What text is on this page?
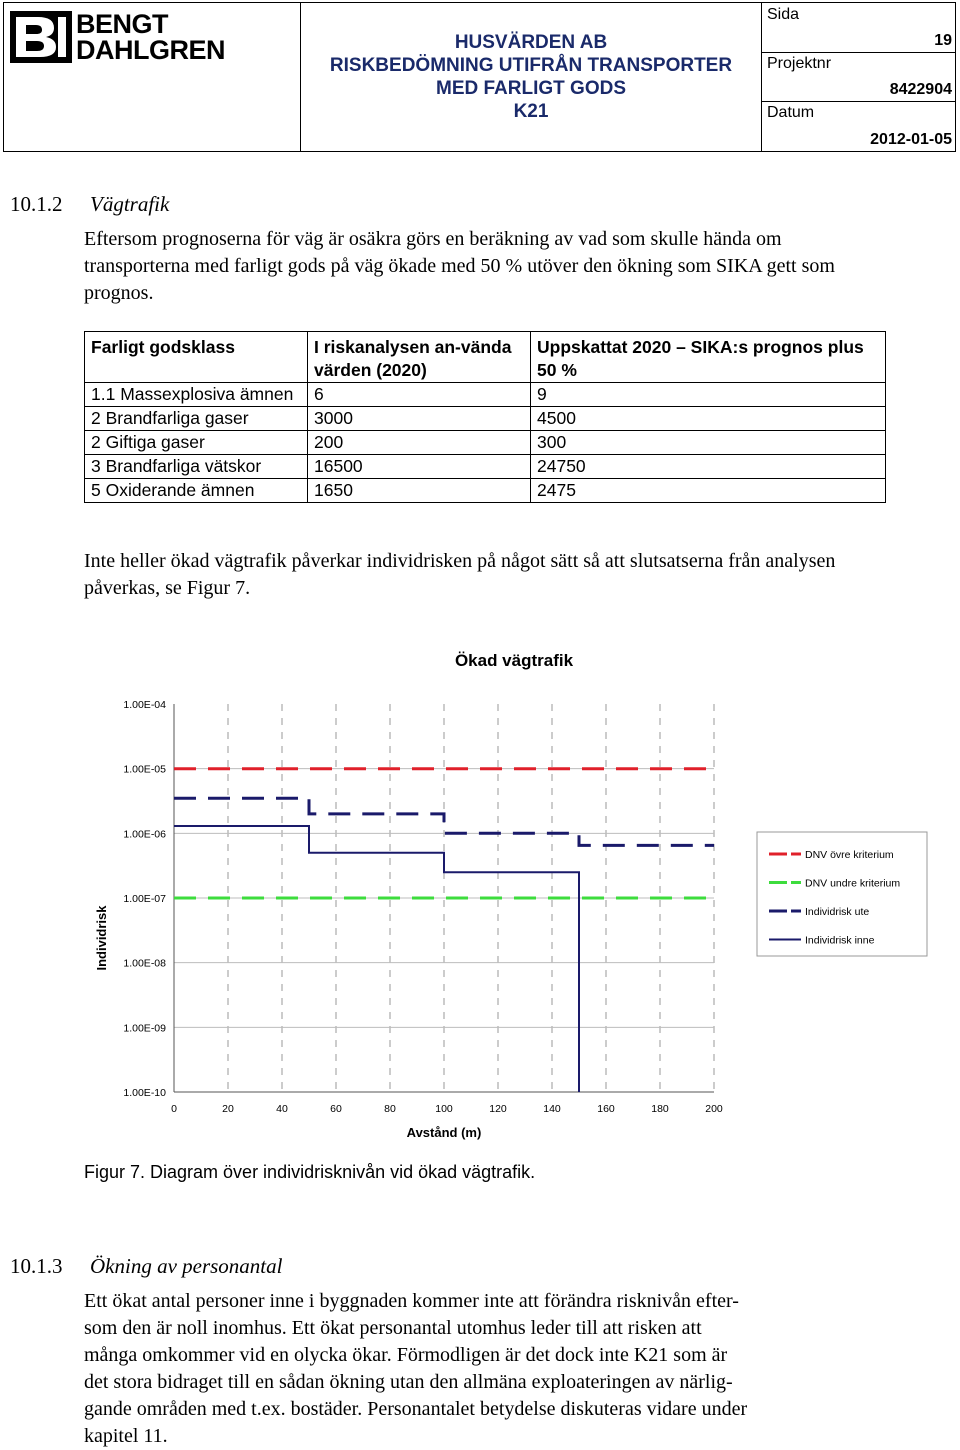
BENGT
DAHLGREN	HUSVÄRDEN AB
RISKBEDÖMNING UTIFRÅN TRANSPORTER
MED FARLIGT GODS
K21
Sida
19
Projektnr
8422904
Datum
2012-01-05
10.1.2 Vägtrafik
Eftersom prognoserna för väg är osäkra görs en beräkning av vad som skulle hända om transporterna med farligt gods på väg ökade med 50 % utöver den ökning som SIKA gett som prognos.
Farligt godsklass	I riskanalysen an-vända värden (2020)	Uppskattat 2020 – SIKA:s prognos plus 50 %
1.1 Massexplosiva ämnen	6	9
2 Brandfarliga gaser	3000	4500
2 Giftiga gaser	200	300
3 Brandfarliga vätskor	16500	24750
5 Oxiderande ämnen	1650	2475
Inte heller ökad vägtrafik påverkar individrisken på något sätt så att slutsatserna från analysen påverkas, se Figur 7.
Ökad vägtrafik
1.00E-04
1.00E-05
1.00E-06
1.00E-07
1.00E-08
1.00E-09
1.00E-10
0	20	40	60	80	100	120	140	160	180	200
Avstånd (m)
Individrisk
DNV övre kriterium
DNV undre kriterium
Individrisk ute
Individrisk inne
Figur 7. Diagram över individrisknivån vid ökad vägtrafik.
10.1.3 Ökning av personantal
Ett ökat antal personer inne i byggnaden kommer inte att förändra risknivån efter-
som den är noll inomhus. Ett ökat personantal utomhus leder till att risken att
många omkommer vid en olycka ökar. Förmodligen är det dock inte K21 som är
det stora bidraget till en sådan ökning utan den allmäna exploateringen av närlig-
gande områden med t.ex. bostäder. Personantalet betydelse diskuteras vidare under
kapitel 11.
